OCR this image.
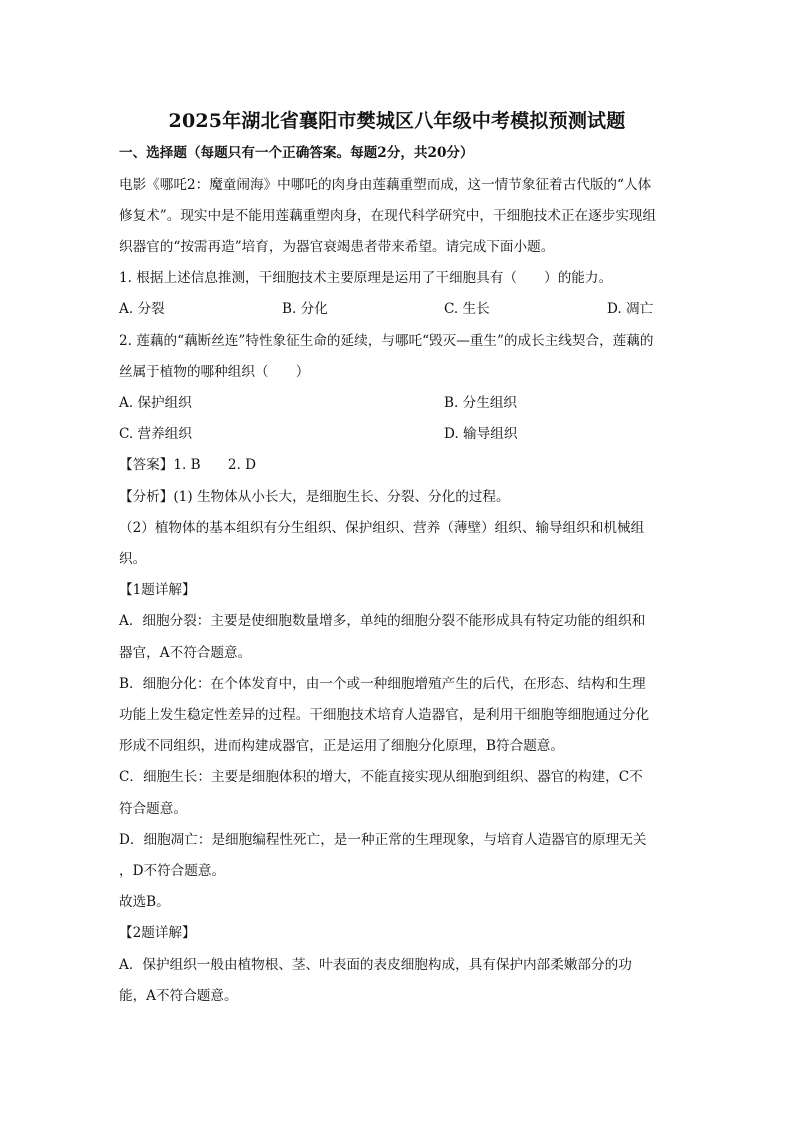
2025年湖北省襄阳市樊城区八年级中考模拟预测试题
一、选择题（每题只有一个正确答案。每题2分，共20分）
电影《哪吒2：魔童闹海》中哪吒的肉身由莲藕重塑而成，这一情节象征着古代版的“人体
修复术”。现实中是不能用莲藕重塑肉身，在现代科学研究中，干细胞技术正在逐步实现组
织器官的“按需再造”培育，为器官衰竭患者带来希望。请完成下面小题。
1. 根据上述信息推测，干细胞技术主要原理是运用了干细胞具有（　　）的能力。
A. 分裂	B. 分化	C. 生长	D. 凋亡
2. 莲藕的“藕断丝连”特性象征生命的延续，与哪吒“毁灭—重生”的成长主线契合，莲藕的
丝属于植物的哪种组织（　　）
A. 保护组织	B. 分生组织
C. 营养组织	D. 输导组织
【答案】1. B　　2. D
【分析】(1) 生物体从小长大，是细胞生长、分裂、分化的过程。
（2）植物体的基本组织有分生组织、保护组织、营养（薄壁）组织、输导组织和机械组
织。
【1题详解】
A．细胞分裂：主要是使细胞数量增多，单纯的细胞分裂不能形成具有特定功能的组织和
器官，A不符合题意。
B．细胞分化：在个体发育中，由一个或一种细胞增殖产生的后代，在形态、结构和生理
功能上发生稳定性差异的过程。干细胞技术培育人造器官，是利用干细胞等细胞通过分化
形成不同组织，进而构建成器官，正是运用了细胞分化原理，B符合题意。
C．细胞生长：主要是细胞体积的增大，不能直接实现从细胞到组织、器官的构建，C不
符合题意。
D．细胞凋亡：是细胞编程性死亡，是一种正常的生理现象，与培育人造器官的原理无关
，D不符合题意。
故选B。
【2题详解】
A．保护组织一般由植物根、茎、叶表面的表皮细胞构成，具有保护内部柔嫩部分的功
能，A不符合题意。
